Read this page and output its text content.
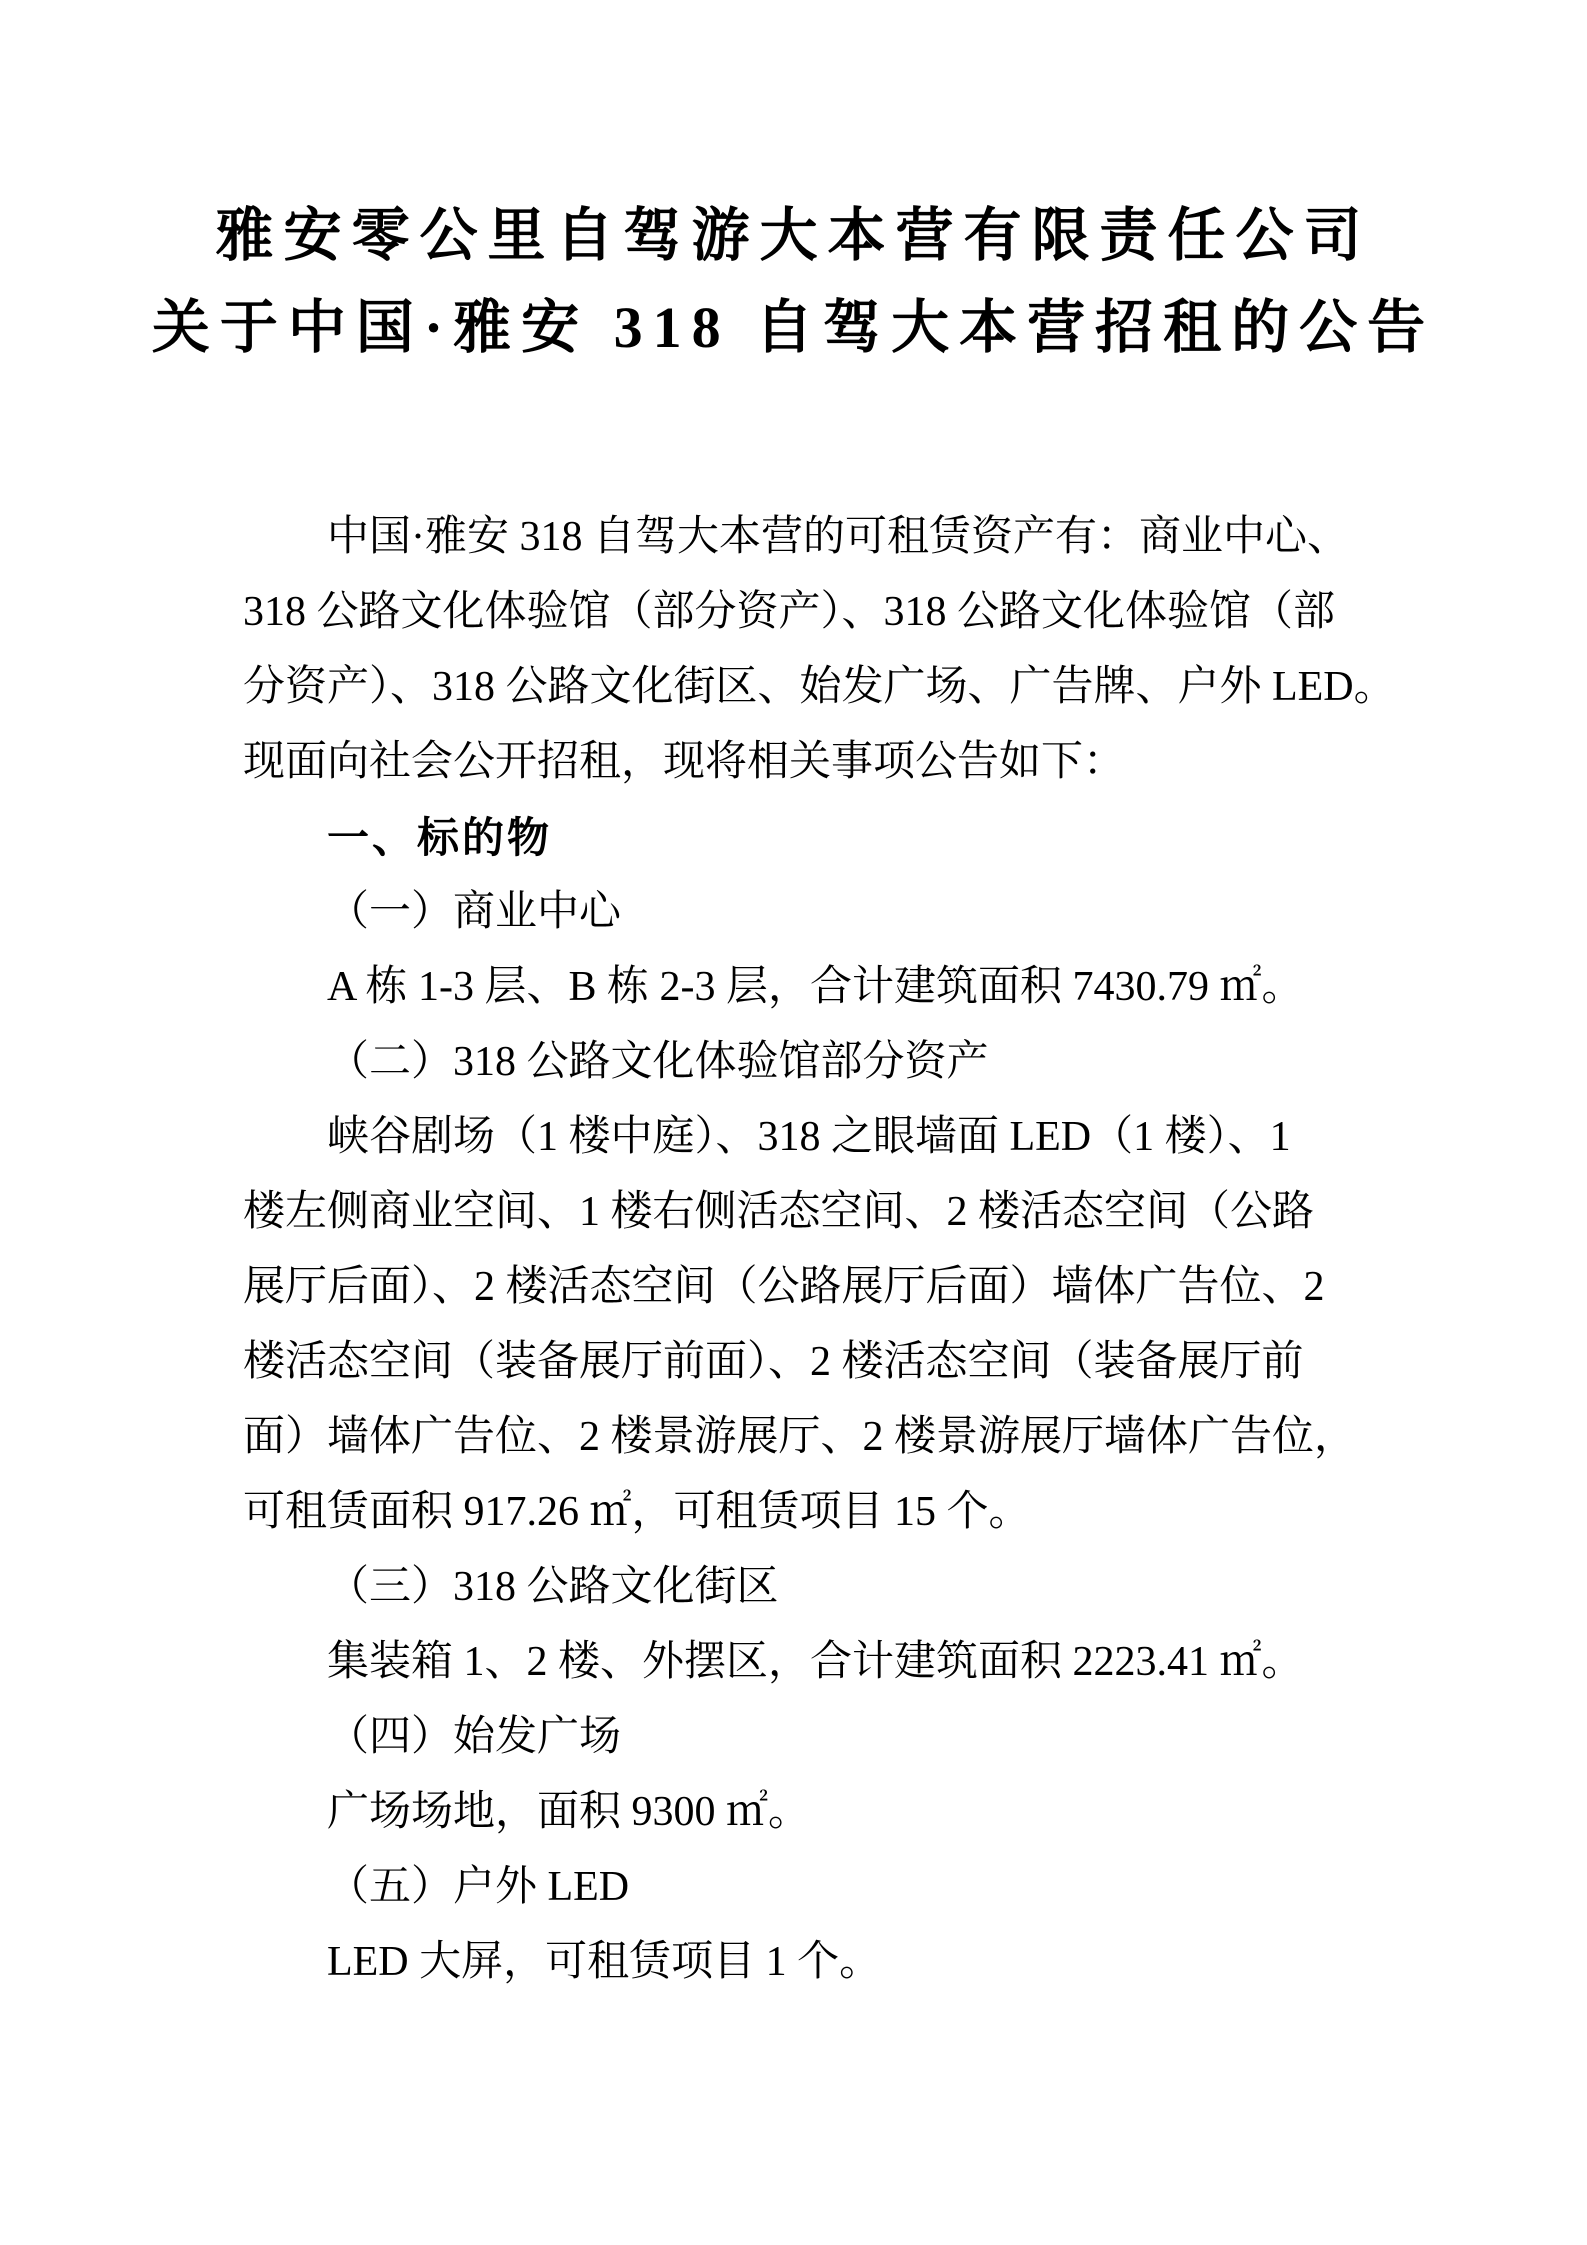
雅安零公里自驾游大本营有限责任公司
关于中国·雅安 318 自驾大本营招租的公告
中国·雅安 318 自驾大本营的可租赁资产有：商业中心、
318 公路文化体验馆（部分资产）、318 公路文化体验馆（部
分资产）、318 公路文化街区、始发广场、广告牌、户外 LED。
现面向社会公开招租，现将相关事项公告如下：
一、标的物
（一）商业中心
A 栋 1-3 层、B 栋 2-3 层，合计建筑面积 7430.79 ㎡。
（二）318 公路文化体验馆部分资产
峡谷剧场（1 楼中庭）、318 之眼墙面 LED（1 楼）、1
楼左侧商业空间、1 楼右侧活态空间、2 楼活态空间（公路
展厅后面）、2 楼活态空间（公路展厅后面）墙体广告位、2
楼活态空间（装备展厅前面）、2 楼活态空间（装备展厅前
面）墙体广告位、2 楼景游展厅、2 楼景游展厅墙体广告位，
可租赁面积 917.26 ㎡，可租赁项目 15 个。
（三）318 公路文化街区
集装箱 1、2 楼、外摆区，合计建筑面积 2223.41 ㎡。
（四）始发广场
广场场地，面积 9300 ㎡。
（五）户外 LED
LED 大屏，可租赁项目 1 个。
